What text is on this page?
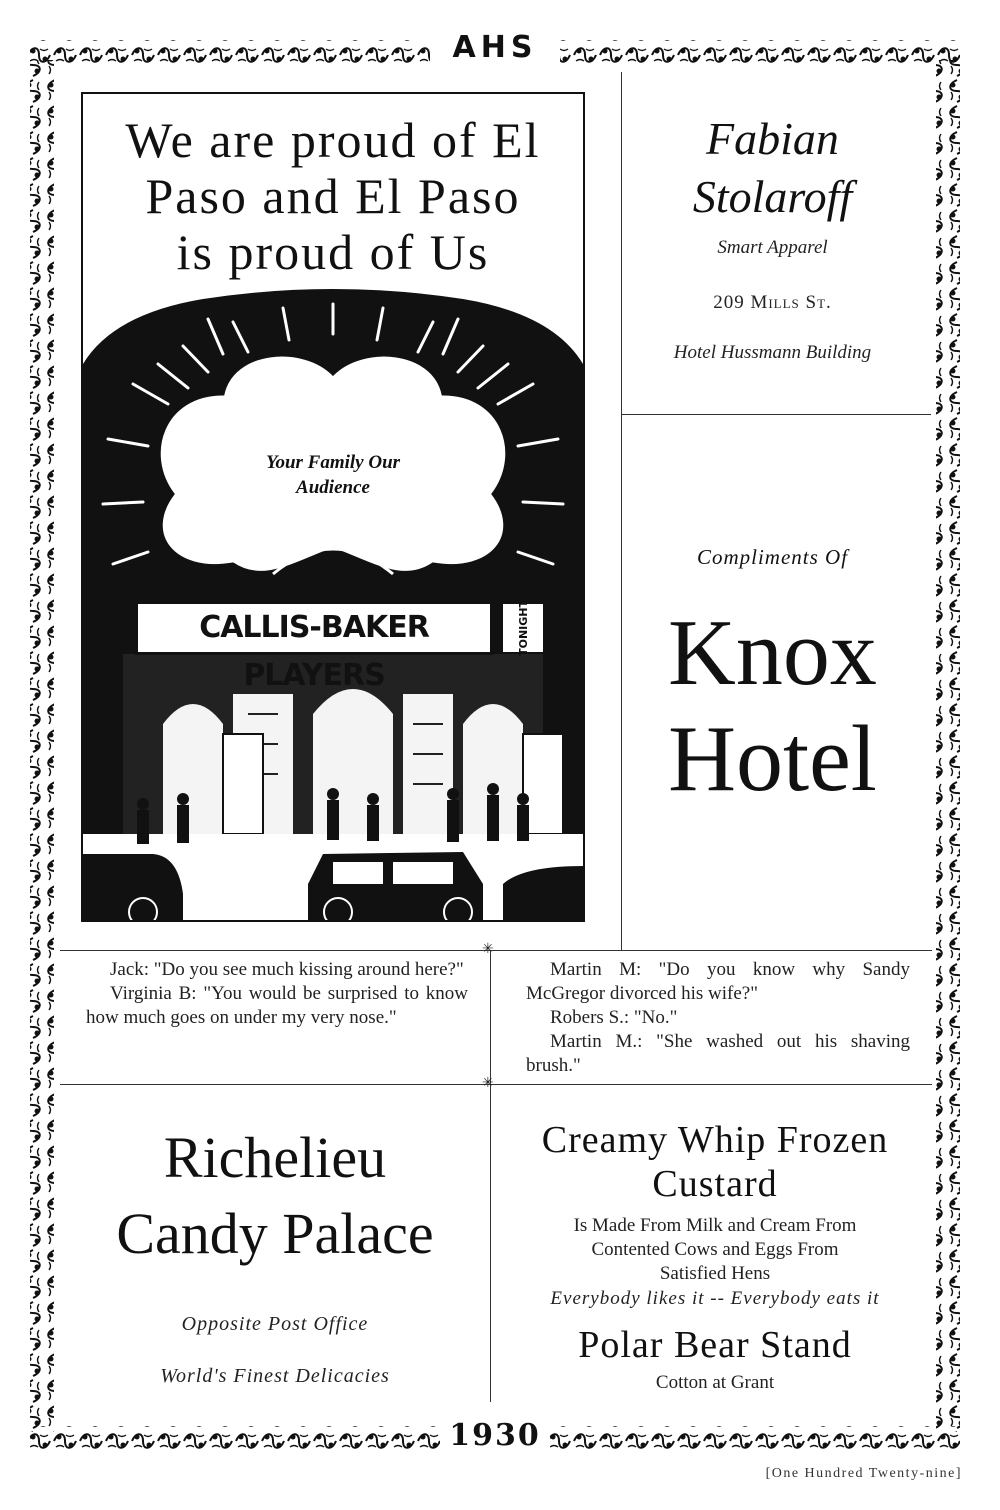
AHS
1930
[One Hundred Twenty-nine]
✳
✳
We are proud of El
Paso and El Paso
is proud of Us
Your Family Our
Audience
CALLIS-BAKER PLAYERS
TONIGHT
Fabian
Stolaroff
Smart Apparel
209 Mills St.
Hotel Hussmann Building
Compliments Of
Knox
Hotel

Jack: "Do you see much kissing around here?"

Virginia B: "You would be surprised to know how much goes on under my very nose."

Martin M: "Do you know why Sandy McGregor divorced his wife?"

Robers S.: "No."

Martin M.: "She washed out his shaving brush."

Richelieu
Candy Palace
Opposite Post Office
World's Finest Delicacies
Creamy Whip Frozen
Custard
Is Made From Milk and Cream From
Contented Cows and Eggs From
Satisfied Hens
Everybody likes it -- Everybody eats it
Polar Bear Stand
Cotton at Grant
